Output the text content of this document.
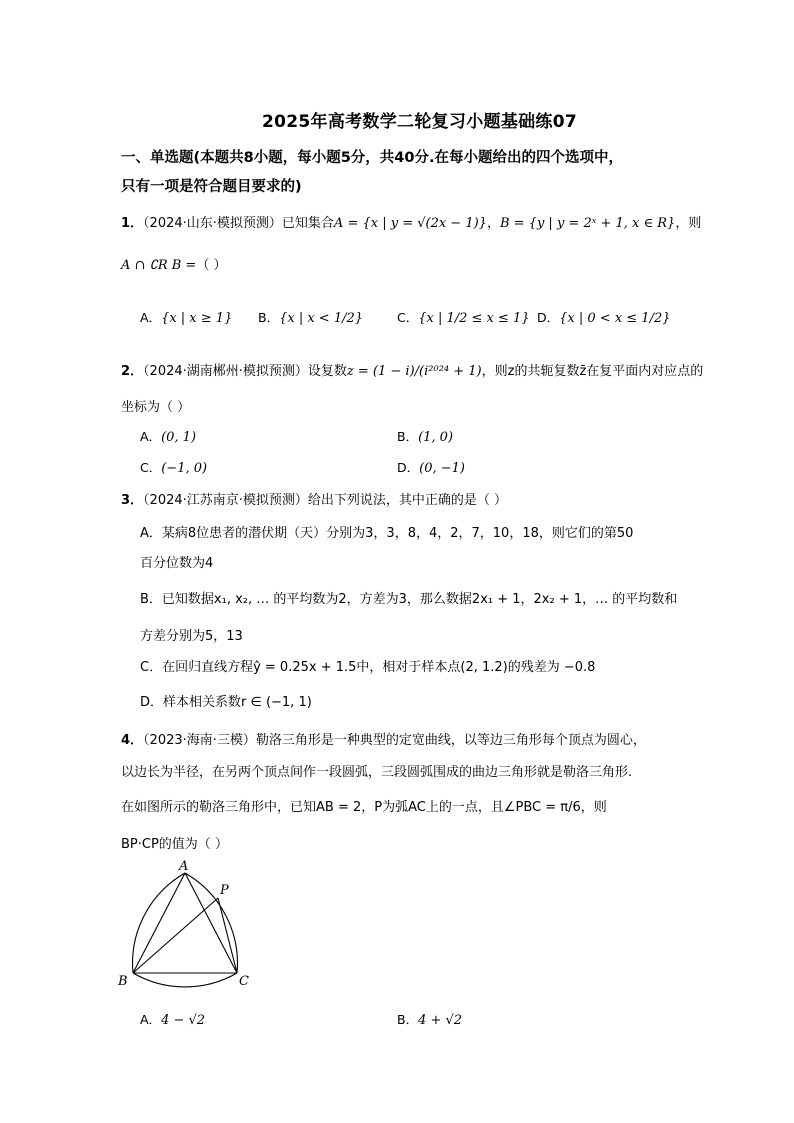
2025年高考数学二轮复习小题基础练07
一、单选题(本题共8小题，每小题5分，共40分.在每小题给出的四个选项中，
只有一项是符合题目要求的)
1．（2024·山东·模拟预测）已知集合A = {x | y = √(2x − 1)}，B = {y | y = 2ˣ + 1, x ∈ R}，则
A ∩ ∁R B =（ ）
A．{x | x ≥ 1} B．{x | x < 1/2}	C．{x | 1/2 ≤ x ≤ 1} D．{x | 0 < x ≤ 1/2}
2．（2024·湖南郴州·模拟预测）设复数z = (1 − i)/(i²⁰²⁴ + 1)，则z的共轭复数z̄在复平面内对应点的
坐标为（ ）
A．(0, 1)	B．(1, 0)
C．(−1, 0)	D．(0, −1)
3．（2024·江苏南京·模拟预测）给出下列说法，其中正确的是（ ）
A．某病8位患者的潜伏期（天）分别为3，3，8，4，2，7，10，18，则它们的第50
百分位数为4
B．已知数据x₁, x₂, … 的平均数为2，方差为3，那么数据2x₁ + 1，2x₂ + 1，… 的平均数和
方差分别为5，13
C．在回归直线方程ŷ = 0.25x + 1.5中，相对于样本点(2, 1.2)的残差为 −0.8
D．样本相关系数r ∈ (−1, 1)
4．（2023·海南·三模）勒洛三角形是一种典型的定宽曲线，以等边三角形每个顶点为圆心，
以边长为半径，在另两个顶点间作一段圆弧，三段圆弧围成的曲边三角形就是勒洛三角形.
在如图所示的勒洛三角形中，已知AB = 2，P为弧AC上的一点，且∠PBC = π/6，则
BP·CP的值为（ ）
A
P
B	C
A．4 − √2	B．4 + √2
